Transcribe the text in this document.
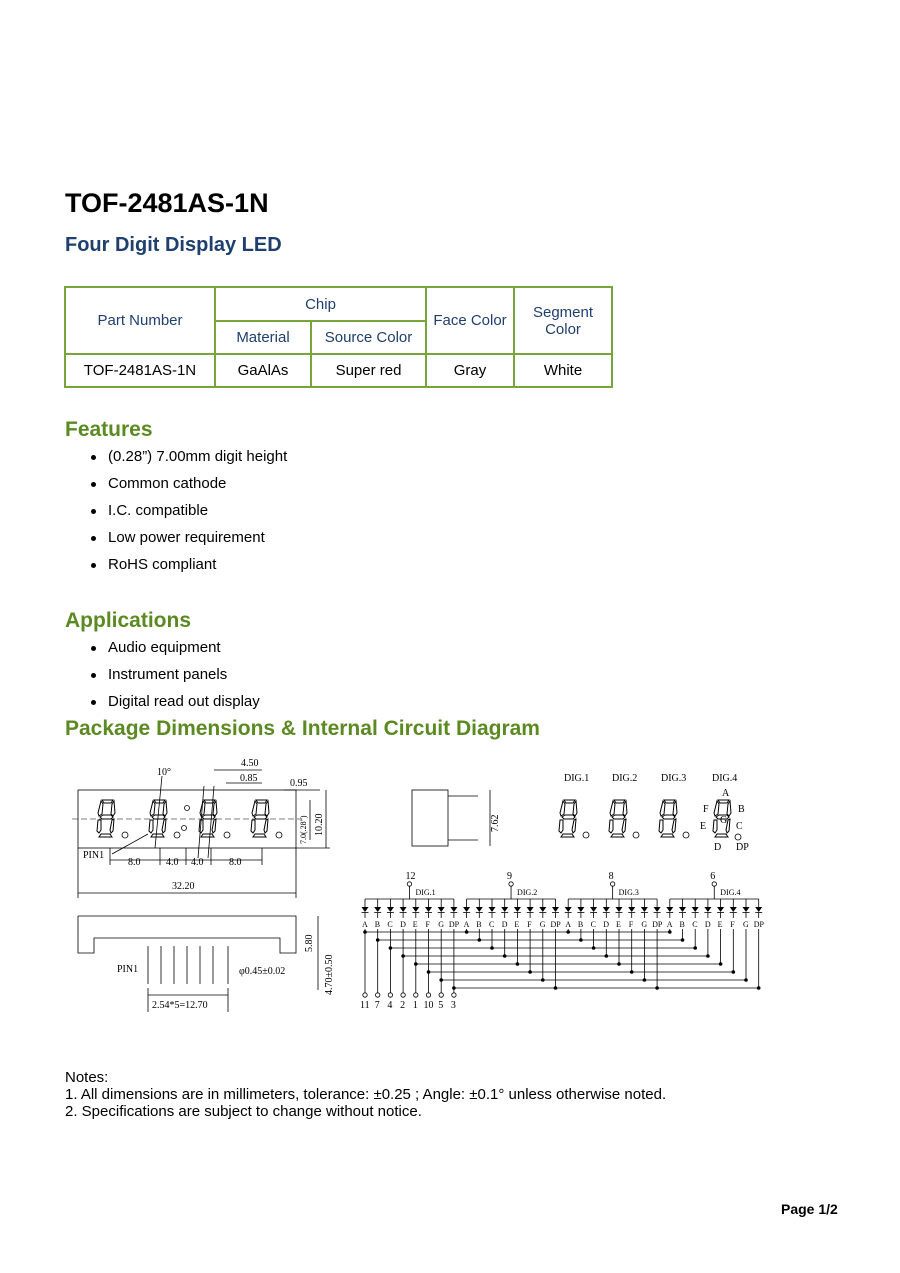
TOF-2481AS-1N
Four Digit Display LED
Part Number	Chip		Face Color	Segment Color
	Material	Source Color		
TOF-2481AS-1N	GaAlAs	Super red	Gray	White
Features
(0.28”) 7.00mm digit height
Common cathode
I.C. compatible
Low power requirement
RoHS compliant
Applications
Audio equipment
Instrument panels
Digital read out display
Package Dimensions & Internal Circuit Diagram
10°
4.50
0.85	0.95
7.0(.28") 10.20
PIN1
8.0	4.0 4.0	8.0
32.20
7.62
PIN1	φ0.45±0.02
2.54*5=12.70
5.80
4.70±0.50
DIG.1 DIG.2 DIG.3	DIG.4
A
B
C
D
E
F
G
DP
12
DIG.1
A B C D E F G DP
9
DIG.2
A B C D E F G DP
8
DIG.3
A B C D E F G DP
6
DIG.4
A B C D E F G DP
11 7 4 2 1 10 5 3
Notes:
1. All dimensions are in millimeters, tolerance: ±0.25 ; Angle: ±0.1° unless otherwise noted.
2. Specifications are subject to change without notice.
Page 1/2
